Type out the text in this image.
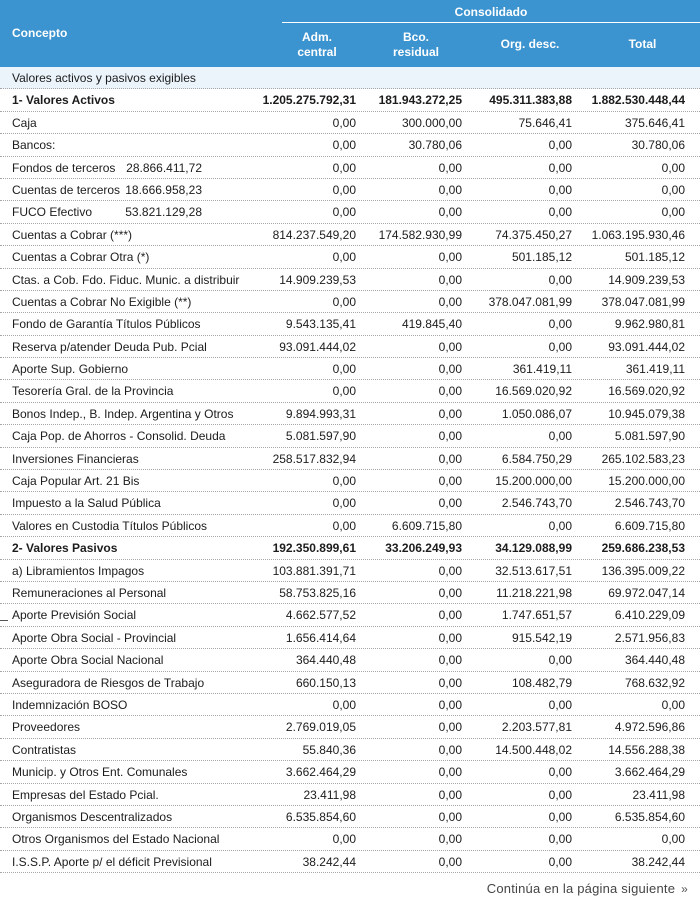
Concepto
Consolidado
Adm. central
Bco. residual
Org. desc.	Total
Valores activos y pasivos exigibles
1- Valores Activos	1.205.275.792,31 181.943.272,25 495.311.383,88 1.882.530.448,44
Caja	0,00	300.000,00	75.646,41	375.646,41
Bancos:	0,00	30.780,06	0,00	30.780,06
Fondos de terceros 28.866.411,72	0,00	0,00	0,00	0,00
Cuentas de terceros 18.666.958,23	0,00	0,00	0,00	0,00
FUCO Efectivo	53.821.129,28	0,00	0,00	0,00	0,00
Cuentas a Cobrar (***)	814.237.549,20 174.582.930,99	74.375.450,27 1.063.195.930,46
Cuentas a Cobrar Otra (*)	0,00	0,00	501.185,12	501.185,12
Ctas. a Cob. Fdo. Fiduc. Munic. a distribuir	14.909.239,53	0,00	0,00	14.909.239,53
Cuentas a Cobrar No Exigible (**)	0,00	0,00 378.047.081,99 378.047.081,99
Fondo de Garantía Títulos Públicos	9.543.135,41	419.845,40	0,00	9.962.980,81
Reserva p/atender Deuda Pub. Pcial	93.091.444,02	0,00	0,00	93.091.444,02
Aporte Sup. Gobierno	0,00	0,00	361.419,11	361.419,11
Tesorería Gral. de la Provincia	0,00	0,00	16.569.020,92	16.569.020,92
Bonos Indep., B. Indep. Argentina y Otros	9.894.993,31	0,00	1.050.086,07	10.945.079,38
Caja Pop. de Ahorros - Consolid. Deuda	5.081.597,90	0,00	0,00	5.081.597,90
Inversiones Financieras	258.517.832,94	0,00	6.584.750,29 265.102.583,23
Caja Popular Art. 21 Bis	0,00	0,00	15.200.000,00	15.200.000,00
Impuesto a la Salud Pública	0,00	0,00	2.546.743,70	2.546.743,70
Valores en Custodia Títulos Públicos	0,00	6.609.715,80	0,00	6.609.715,80
2- Valores Pasivos	192.350.899,61 33.206.249,93	34.129.088,99 259.686.238,53
a) Libramientos Impagos	103.881.391,71	0,00	32.513.617,51 136.395.009,22
Remuneraciones al Personal	58.753.825,16	0,00	11.218.221,98	69.972.047,14
Aporte Previsión Social	4.662.577,52	0,00	1.747.651,57	6.410.229,09
Aporte Obra Social - Provincial	1.656.414,64	0,00	915.542,19	2.571.956,83
Aporte Obra Social Nacional	364.440,48	0,00	0,00	364.440,48
Aseguradora de Riesgos de Trabajo	660.150,13	0,00	108.482,79	768.632,92
Indemnización BOSO	0,00	0,00	0,00	0,00
Proveedores	2.769.019,05	0,00	2.203.577,81	4.972.596,86
Contratistas	55.840,36	0,00	14.500.448,02	14.556.288,38
Municip. y Otros Ent. Comunales	3.662.464,29	0,00	0,00	3.662.464,29
Empresas del Estado Pcial.	23.411,98	0,00	0,00	23.411,98
Organismos Descentralizados	6.535.854,60	0,00	0,00	6.535.854,60
Otros Organismos del Estado Nacional	0,00	0,00	0,00	0,00
I.S.S.P. Aporte p/ el déficit Previsional	38.242,44	0,00	0,00	38.242,44
Continúa en la página siguiente »
